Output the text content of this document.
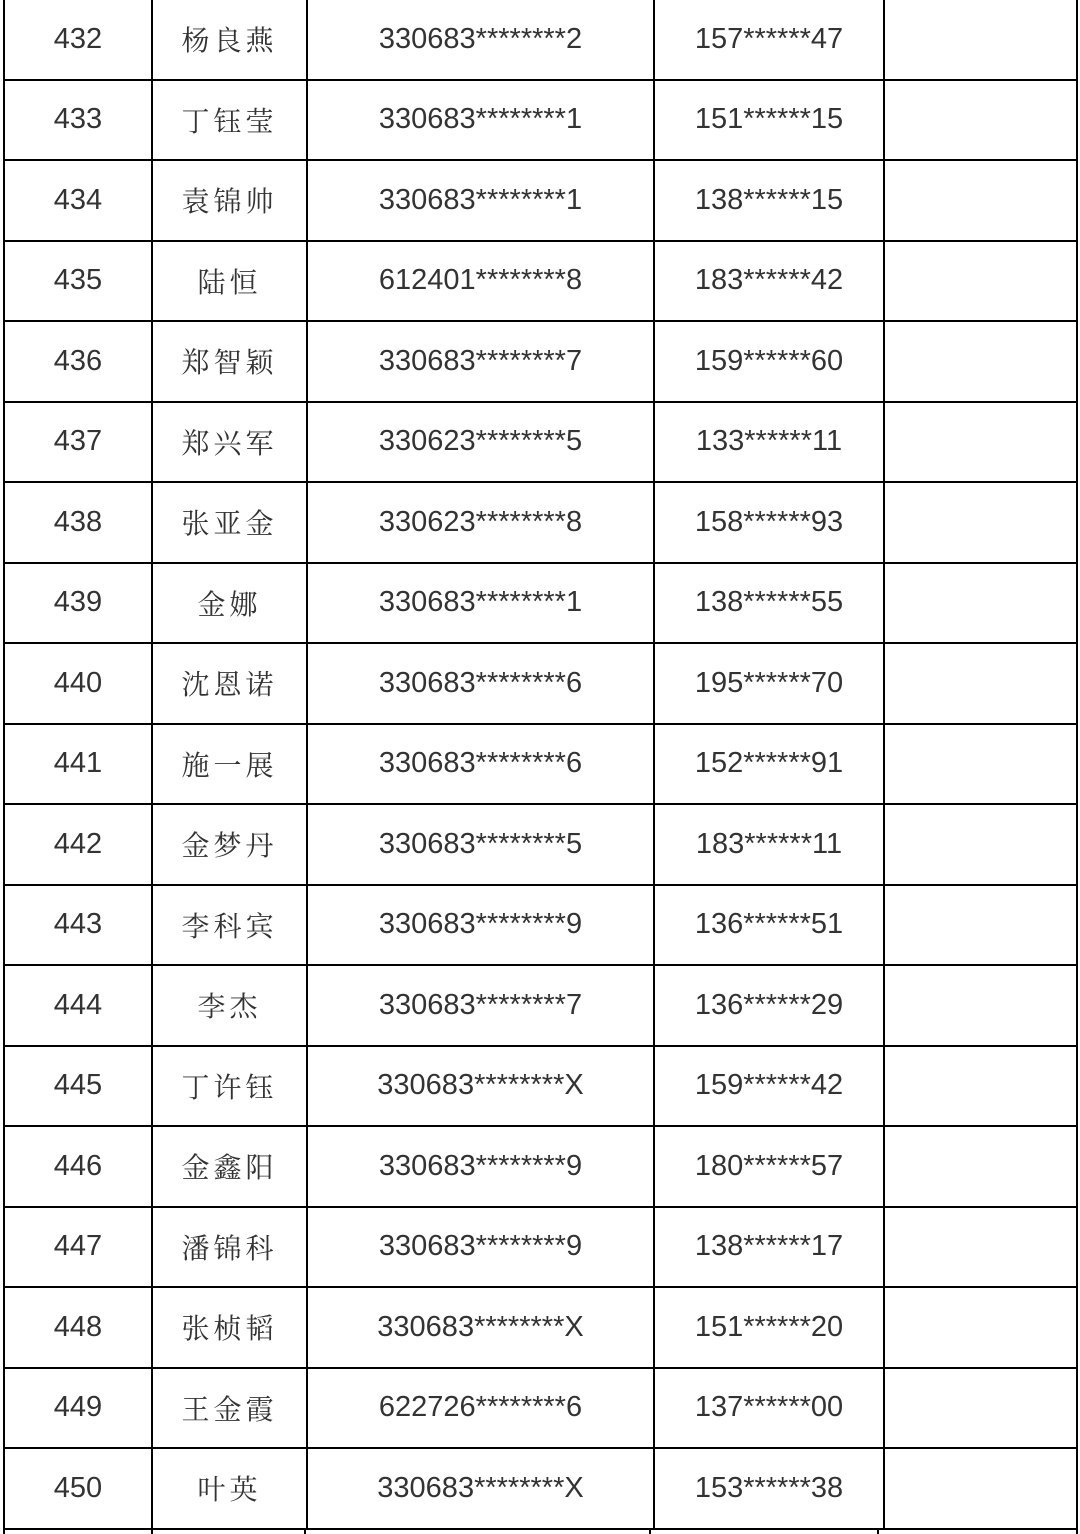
432	杨良燕	330683********2	157******47	
433	丁钰莹	330683********1	151******15	
434	袁锦帅	330683********1	138******15	
435	陆恒	612401********8	183******42	
436	郑智颖	330683********7	159******60	
437	郑兴军	330623********5	133******11	
438	张亚金	330623********8	158******93	
439	金娜	330683********1	138******55	
440	沈恩诺	330683********6	195******70	
441	施一展	330683********6	152******91	
442	金梦丹	330683********5	183******11	
443	李科宾	330683********9	136******51	
444	李杰	330683********7	136******29	
445	丁许钰	330683********X	159******42	
446	金鑫阳	330683********9	180******57	
447	潘锦科	330683********9	138******17	
448	张桢韬	330683********X	151******20	
449	王金霞	622726********6	137******00	
450	叶英	330683********X	153******38	
